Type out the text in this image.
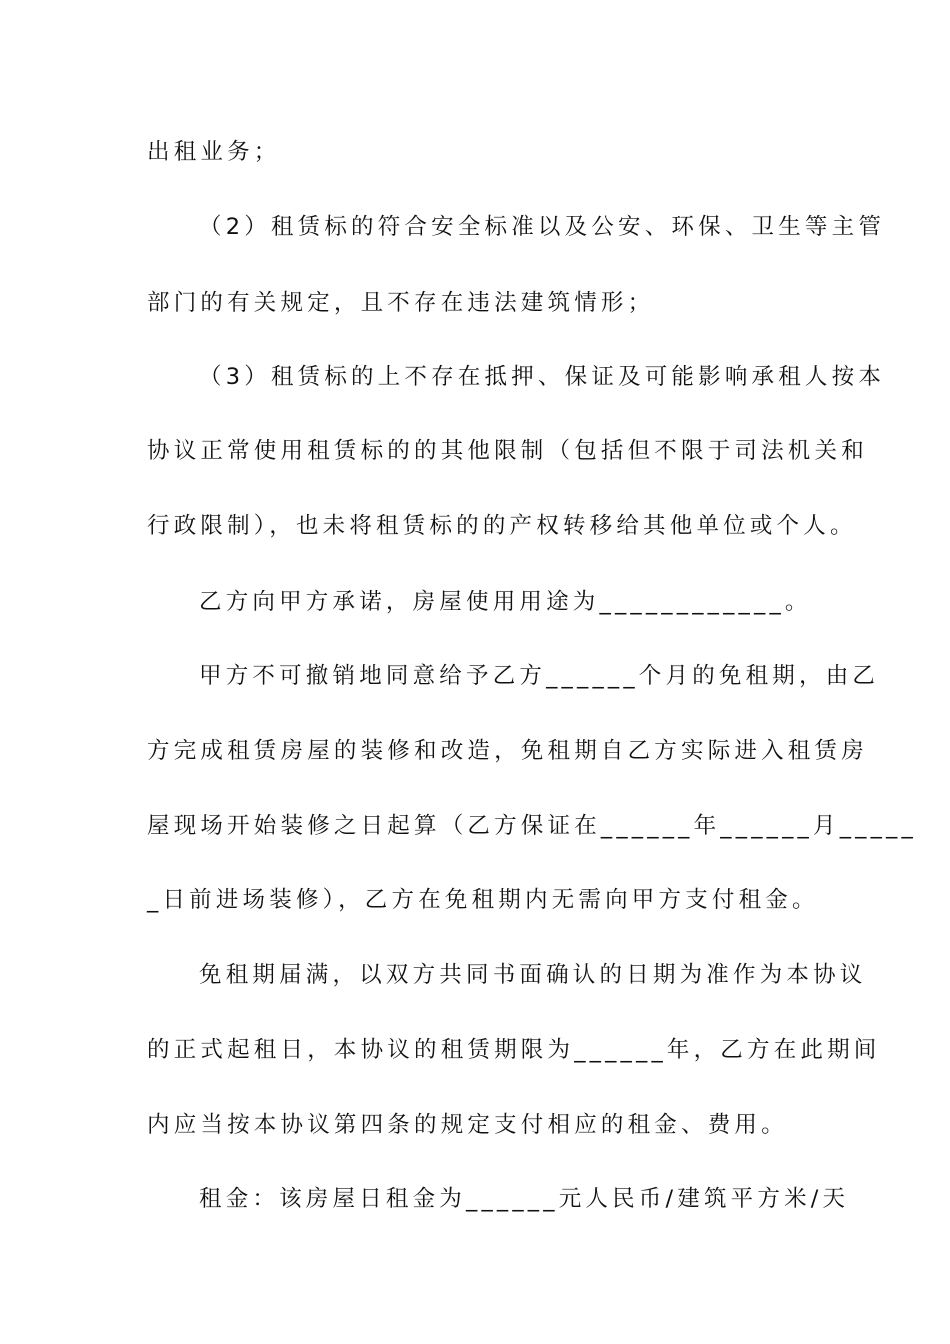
出租业务；
（2）租赁标的符合安全标准以及公安、环保、卫生等主管
部门的有关规定，且不存在违法建筑情形；
（3）租赁标的上不存在抵押、保证及可能影响承租人按本
协议正常使用租赁标的的其他限制（包括但不限于司法机关和
行政限制），也未将租赁标的的产权转移给其他单位或个人。
乙方向甲方承诺，房屋使用用途为____________。
甲方不可撤销地同意给予乙方______个月的免租期，由乙
方完成租赁房屋的装修和改造，免租期自乙方实际进入租赁房
屋现场开始装修之日起算（乙方保证在______年______月_____
_日前进场装修），乙方在免租期内无需向甲方支付租金。
免租期届满，以双方共同书面确认的日期为准作为本协议
的正式起租日，本协议的租赁期限为______年，乙方在此期间
内应当按本协议第四条的规定支付相应的租金、费用。
租金：该房屋日租金为______元人民币/建筑平方米/天
